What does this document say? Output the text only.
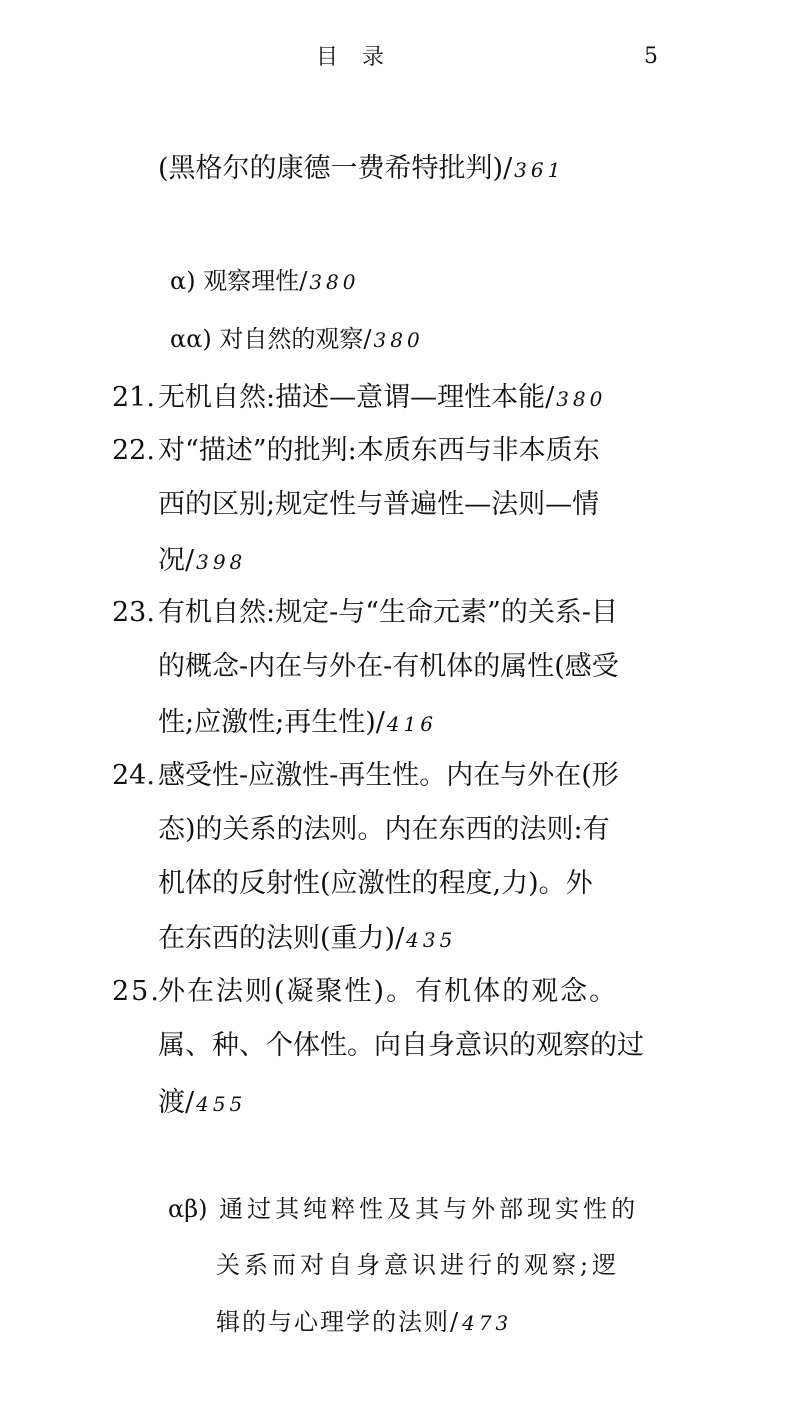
目录	5
(黑格尔的康德一费希特批判)/ 361
α) 观察理性/ 380
αα) 对自然的观察/ 380
21. 无机自然:描述—意谓—理性本能/ 380
22. 对“描述”的批判:本质东西与非本质东
西的区别;规定性与普遍性—法则—情
况/ 398
23. 有机自然:规定-与“生命元素”的关系-目
的概念-内在与外在-有机体的属性(感受
性;应激性;再生性)/ 416
24. 感受性-应激性-再生性。内在与外在(形
态)的关系的法则。内在东西的法则:有
机体的反射性(应激性的程度,力)。外
在东西的法则(重力)/ 435
25.外在法则(凝聚性)。有机体的观念。
属、种、个体性。向自身意识的观察的过
渡/ 455
αβ) 通过其纯粹性及其与外部现实性的
关系而对自身意识进行的观察;逻
辑的与心理学的法则/ 473
